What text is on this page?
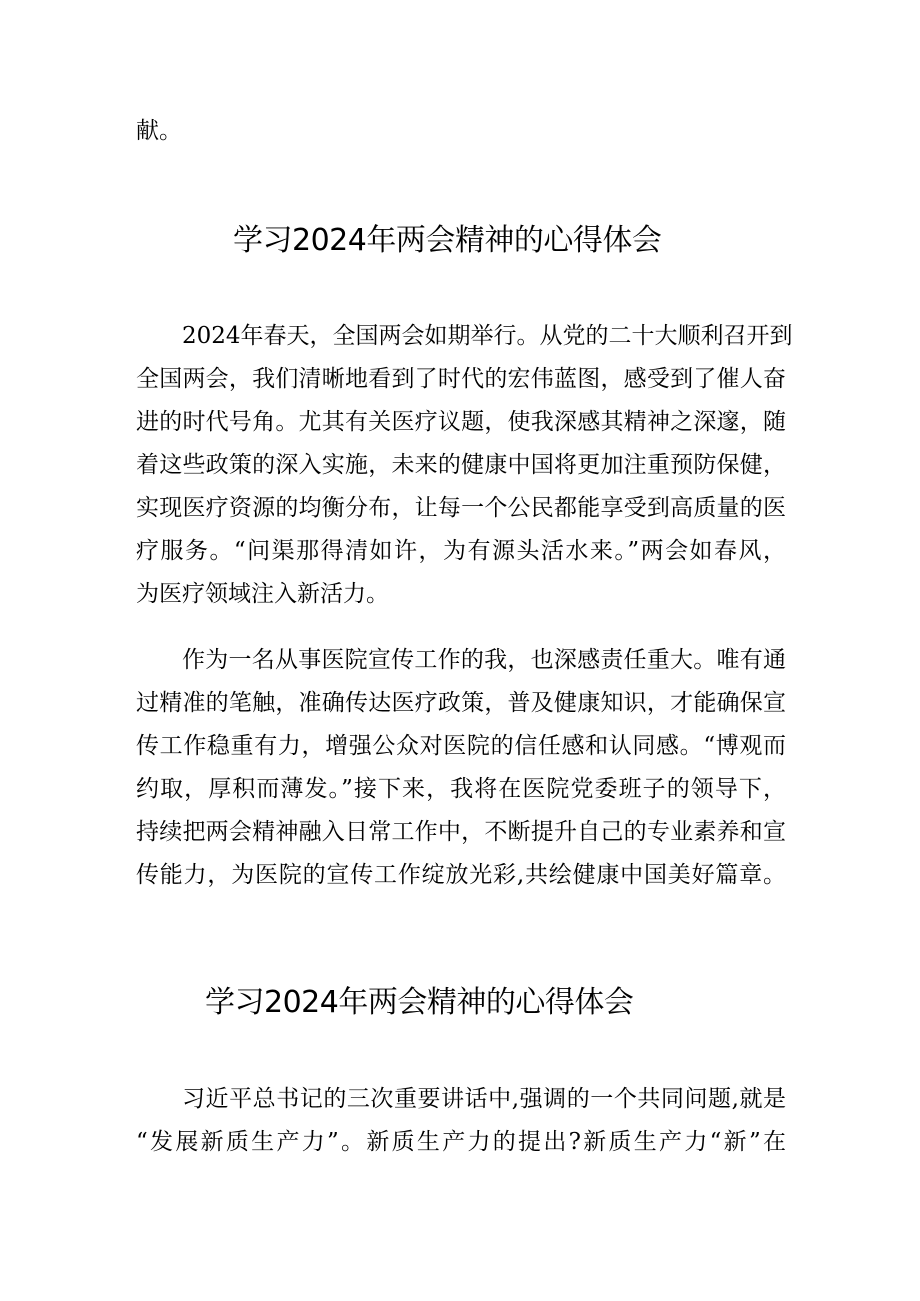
献。

学习2024年两会精神的心得体会

2024年春天，全国两会如期举行。从党的二十大顺利召开到

全国两会，我们清晰地看到了时代的宏伟蓝图，感受到了催人奋

进的时代号角。尤其有关医疗议题，使我深感其精神之深邃，随

着这些政策的深入实施，未来的健康中国将更加注重预防保健，

实现医疗资源的均衡分布，让每一个公民都能享受到高质量的医

疗服务。“问渠那得清如许，为有源头活水来。”两会如春风，

为医疗领域注入新活力。

作为一名从事医院宣传工作的我，也深感责任重大。唯有通

过精准的笔触，准确传达医疗政策，普及健康知识，才能确保宣

传工作稳重有力，增强公众对医院的信任感和认同感。“博观而

约取，厚积而薄发。”接下来，我将在医院党委班子的领导下，

持续把两会精神融入日常工作中，不断提升自己的专业素养和宣

传能力，为医院的宣传工作绽放光彩,共绘健康中国美好篇章。

学习2024年两会精神的心得体会

习近平总书记的三次重要讲话中,强调的一个共同问题,就是

“发展新质生产力”。新质生产力的提出?新质生产力“新”在
